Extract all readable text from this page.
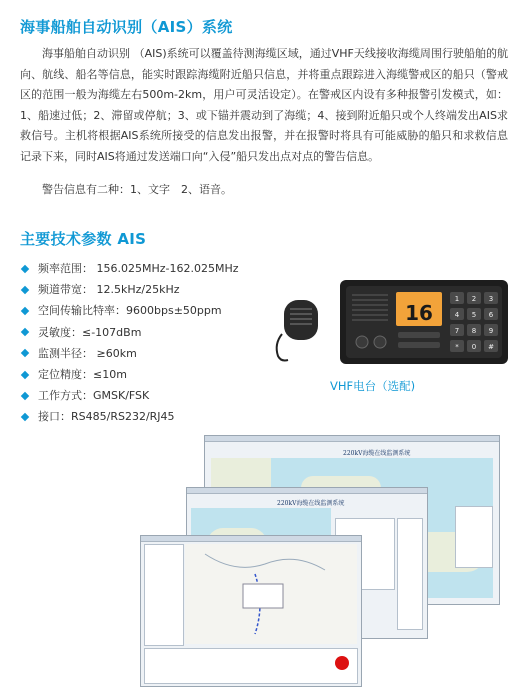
海事船舶自动识别（AIS）系统
海事船舶自动识别 （AIS)系统可以覆盖待测海缆区域，通过VHF天线接收海缆周围行驶船舶的航向、航线、船名等信息，能实时跟踪海缆附近船只信息，并将重点跟踪进入海缆警戒区的船只（警戒区的范围一般为海缆左右500m-2km，用户可灵活设定）。在警戒区内设有多种报警引发模式，如：1、船速过低；2、滞留或停航；3、或下锚并震动到了海缆；4、接到附近船只或个人终端发出AIS求救信号。主机将根据AIS系统所接受的信息发出报警，并在报警时将具有可能威胁的船只和求救信息记录下来，同时AIS将通过发送端口向“入侵”船只发出点对点的警告信息。
警告信息有二种：1、文字　2、语音。
主要技术参数 AIS
频率范围： 156.025MHz-162.025MHz
频道带宽： 12.5kHz/25kHz
空间传输比特率：9600bps±50ppm
灵敏度：≤-107dBm
监测半径： ≥60km
定位精度：≤10m
工作方式：GMSK/FSK
接口：RS485/RS232/RJ45
16
1 2 3
4 5 6
7 8 9
* 0 #
VHF电台（选配)
220kV海缆在线监测系统
220kV海缆在线监测系统
